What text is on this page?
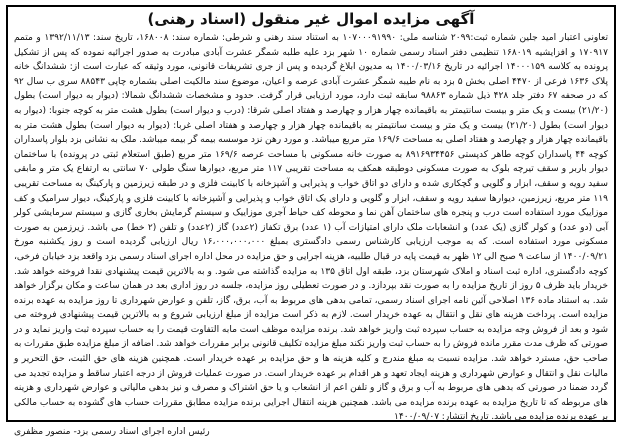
آگهی مزایده اموال غیر منقول (اسناد رهنی)

تعاونی اعتبار امید جلین شماره ثبت:۲۰۹۹ شناسه ملی: ۱۰۷۰۰۰۹۱۹۹۰ به استناد سند رهنی و شرطی: شماره سند: ۱۶۸۰۰۸، تاریخ سند: ۱۳۹۲/۱۱/۱۳ و متمم ۱۷۰۹۱۷ و افزایشیه ۱۶۸۰۱۹ تنظیمی دفتر اسناد رسمی شماره ۱۰ شهر بزد علیه طلبه شمگر عشرت آبادی مبادرت به صدور اجرائیه نموده که پس از تشکیل پرونده به کلاسه ۱۴۰۰۰۱۵۹ اجرائیه در تاریخ ۱۴۰۰/۰۳/۱۶ به مدیون ابلاغ گردیده و پس از جری تشریفات قانونی، مورد وثیقه که عبارت است از: ششدانگ خانه پلاک ۱۶۳۶ فرعی از ۴۴۷۰ اصلی بخش ۵ بزد به نام طیبه شمگر عشرت آبادی عرصه و اعیان، موضوع سند مالکیت اصلی بشماره چاپی ۸۸۵۴۳ سری ب سال ۹۲ که در صحفه ۶۷ دفتر جلد ۴۲۸ ذیل شماره ۹۸۸۶۳ سابقه ثبت دارد، مورد ارزیابی قرار گرفت. حدود و مشخصات ششدانگ شمالا: (دیوار به دیوار است) بطول (۲۱/۲۰) بیست و یک متر و بیست سانتیمتر به باقیمانده چهار هزار و چهارصد و هفتاد اصلی شرقا: (درب و دیوار است) بطول هشت متر به کوچه جنوبا: (دیوار به دیوار است) بطول (۲۱/۲۰) بیست و یک متر و بیست سانتیمتر به باقیمانده چهار هزار و چهارصد و هفتاد اصلی غربا: (دیوار به دیوار است) بطول هشت متر به باقیمانده چهار هزار و چهارصد و هفتاد اصلی به مساحت ۱۶۹/۶ متر مربع میباشد. و مورد رهن نزد موسسه بیمه گر بیمه میباشد. ملک به نشانی بزد بلوار پاسداران کوچه ۴۴ پاسداران کوچه طاهر کدپستی ۸۹۱۶۹۳۴۴۵۶ به صورت خانه مسکونی با مساحت عرصه ۱۶۹/۶ متر مربع (طبق استعلام ثبتی در پرونده) با ساختمان دیوار باربر و سقف تیرچه بلوک به صورت مسکونی دوطبقه همکف به مساحت تقریبی ۱۱۷ متر مربع، دیوارها سنگ طولی ۷۰ سانتی به ارتفاع یک متر و مابقی سفید رویه و سقف، ابزار و گلویی و گچکاری شده و دارای دو اتاق خواب و پذیرایی و آشپزخانه با کابینت فلزی و در طبقه زیرزمین و پارکینگ به مساحت تقریبی ۱۱۹ متر مربع، زیرزمین، دیوارها سفید رویه و سقف، ابزار و گلویی و دارای یک اتاق خواب و پذیرایی و آشپزخانه با کابینت فلزی و پارکینگ، دیوار سرامیک و کف موزاییک مورد استفاده است درب و پنجره های ساختمان آهن نما و محوطه کف حیاط آجری موزاییک و سیستم گرمایش بخاری گازی و سیستم سرمایشی کولر آبی (دو عدد) و کولر گازی (یک عدد) و انشعابات ملک دارای امتیازات آب (۱ عدد) برق تکفاز (۲عدد) گاز (۲عدد) و تلفن (۲ خط) می باشد. زیرزمین به صورت مسکونی مورد استفاده است. که به موجب ارزیابی کارشناس رسمی دادگستری بمبلغ ۱۶،۰۰۰،۰۰۰،۰۰۰ ریال ارزیابی گردیده است و روز یکشنبه مورخ ۱۴۰۰/۰۹/۲۱ از ساعت ۹ صبح الی ۱۲ ظهر به قیمت پایه در قبال طلبیه، هزینه اجرایی و حق مزایده در محل اداره اجرای اسناد رسمی بزد واقعد بزد خیابان فرخی، کوچه دادگستری، اداره ثبت اسناد و املاک شهرستان بزد، طبقه اول اتاق ۱۳۵ به مزایده گذاشته می شود. و به بالاترین قیمت پیشنهادی نقدا فروخته خواهد شد. خریدار باید ظرف ۵ روز از تاریخ مزایده را به صورت نقد بپردازد. و در صورت تعطیلی روز مزایده، جلسه در روز اداری بعد در همان ساعت و مکان برگزار خواهد شد. به استناد ماده ۱۳۶ اصلاحی آئین نامه اجرای اسناد رسمی، تمامی بدهی های مربوط به آب، برق، گاز، تلفن و عوارض شهرداری تا روز مزایده به عهده برنده مزایده است. پرداخت هزینه های نقل و انتقال به عهده خریدار است. لازم به ذکر است مزایده از مبلغ ارزیابی شروع و به بالاترین قیمت پیشنهادی فروخته می شود و بعد از فروش وجه مزایده به حساب سپرده ثبت واریز خواهد شد. برنده مزایده موظف است مابه التفاوت قیمت را به حساب سپرده ثبت واریز نماید و در صورتی که ظرف مدت مقرر مانده فروش را به حساب ثبت واریز نکند مبلغ مزایده تکلیف قانونی برابر مقررات خواهد شد. اضافه از مبلغ مزایده طبق مقررات به صاحب حق، مسترد خواهد شد. مزایده نسبت به مبلغ مندرج و کلیه هزینه ها و حق مزایده بر عهده خریدار است. همچنین هزینه های حق الثبت، حق التحریر و مالیات نقل و انتقال و عوارض شهرداری و هزینه ایجاد تعهد و هر اقدام بر عهده خریدار است. در صورت عملیات فروش از درجه اعتبار ساقط و مزایده تجدید می گردد ضمنا در صورتی که بدهی های مربوط به آب و برق و گاز و تلفن اعم از انشعاب و یا حق اشتراک و مصرف و نیز بدهی مالیاتی و عوارض شهرداری و هزینه های مربوطه که تا تاریخ مزایده به عهده برنده مزایده می باشد. همچنین هزینه انتقال اجرایی برنده مزایده مطابق مقررات حساب های گشوده به حساب مالکی بر عهده برنده مزایده می باشد. تاریخ انتشار: ۱۴۰۰/۰۹/۰۷

رئیس اداره اجرای اسناد رسمی بزد- منصور مظفری
